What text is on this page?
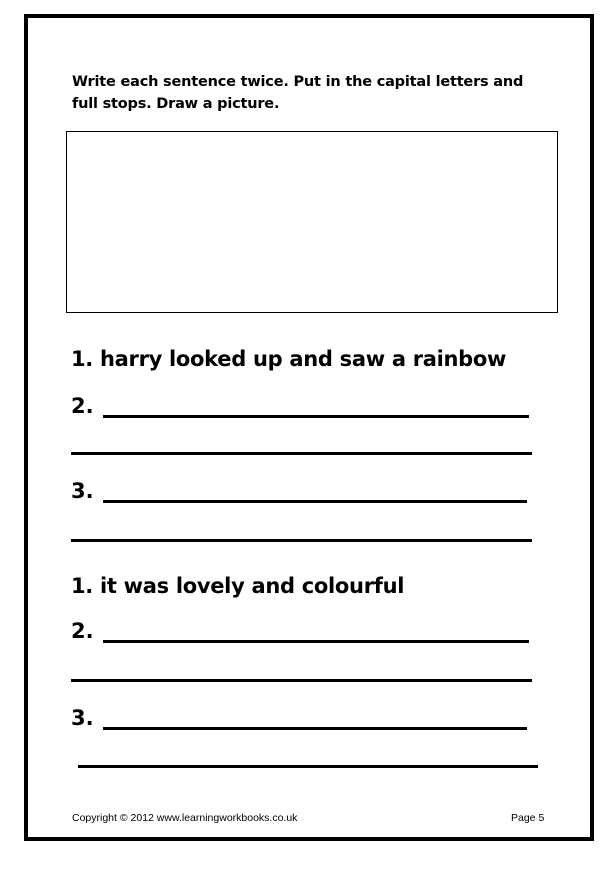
Write each sentence twice. Put in the capital letters and full stops. Draw a picture.
1. harry looked up and saw a rainbow
2.
3.
1. it was lovely and colourful
2.
3.
Copyright © 2012 www.learningworkbooks.co.uk	Page 5
